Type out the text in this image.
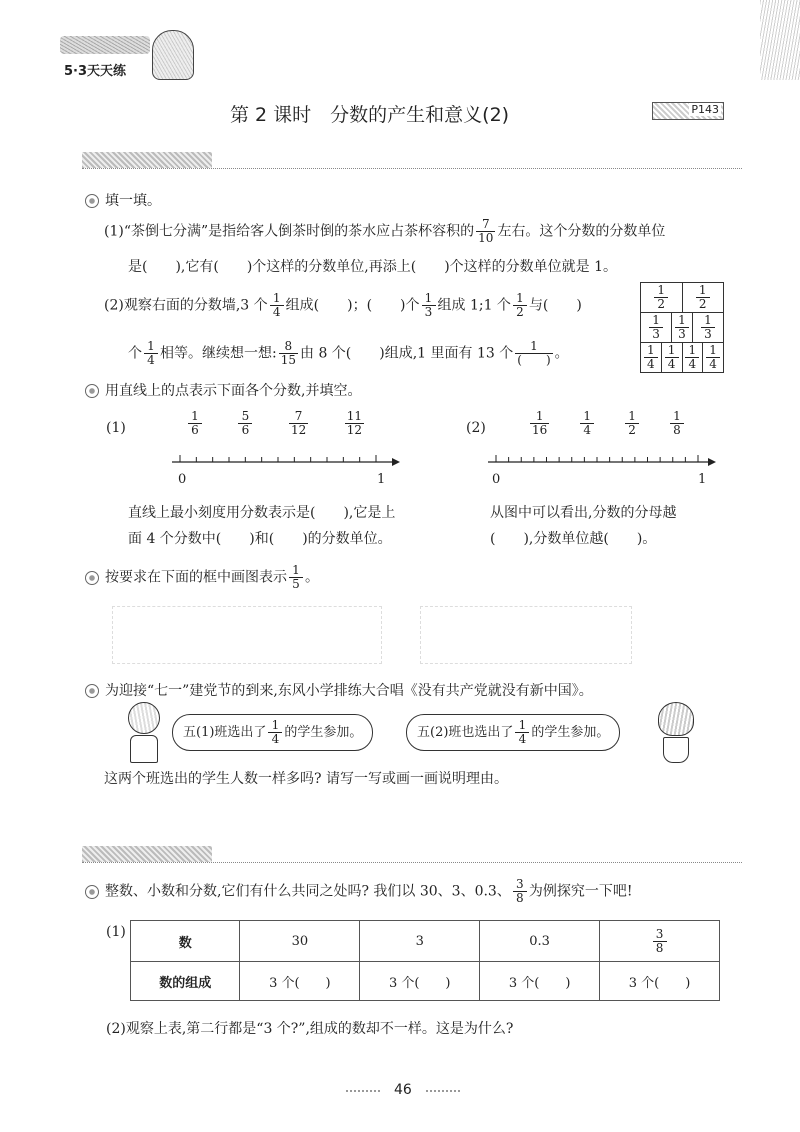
5·3天天练
第 2 课时　分数的产生和意义(2)	P143
填一填。
(1)“茶倒七分满”是指给客人倒茶时倒的茶水应占茶杯容积的 $\frac{7}{10}$ 左右。这个分数的分数单位
是(　　),它有(　　)个这样的分数单位,再添上(　　)个这样的分数单位就是 1。
(2)观察右面的分数墙,3 个 $\frac{1}{4}$ 组成(　　)；(　　)个 $\frac{1}{3}$ 组成 1;1 个 $\frac{1}{2}$ 与(　　)
个 $\frac{1}{4}$ 相等。继续想一想: $\frac{8}{15}$ 由 8 个(　　)组成,1 里面有 13 个 $\frac{1}{( )}$ 。
$\frac{1}{2}$			$\frac{1}{2}$

$\frac{1}{3}$		$\frac{1}{3}$		$\frac{1}{3}$

$\frac{1}{4}$	$\frac{1}{4}$		$\frac{1}{4}$		$\frac{1}{4}$
用直线上的点表示下面各个分数,并填空。
(1)	$\frac{1}{6}$	$\frac{5}{6}$	$\frac{7}{12}$	$\frac{11}{12}$
0	1
(2)	$\frac{1}{16}$	$\frac{1}{4}$	$\frac{1}{2}$	$\frac{1}{8}$
0	1
直线上最小刻度用分数表示是(　　),它是上
面 4 个分数中(　　)和(　　)的分数单位。
从图中可以看出,分数的分母越
(　　),分数单位越(　　)。
按要求在下面的框中画图表示 $\frac{1}{5}$ 。
为迎接“七一”建党节的到来,东风小学排练大合唱《没有共产党就没有新中国》。
五(1)班选出了 $\frac{1}{4}$ 的学生参加。	五(2)班也选出了 $\frac{1}{4}$ 的学生参加。
这两个班选出的学生人数一样多吗? 请写一写或画一画说明理由。
整数、小数和分数,它们有什么共同之处吗? 我们以 30、3、0.3、 $\frac{3}{8}$ 为例探究一下吧!
(1)
数	30	3	0.3	$\frac{3}{8}$

数的组成	3 个(　　)	3 个(　　)	3 个(　　)	3 个(　　)
(2)观察上表,第二行都是“3 个?”,组成的数却不一样。这是为什么?
46
